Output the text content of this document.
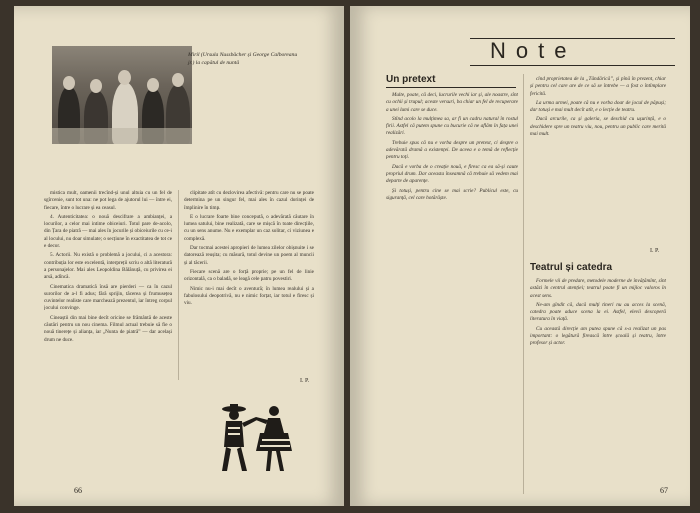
Miril (Ursula Nussbächer și George Calboreanu jr.) la capătul de nuntă

mistica mult, oamenii trecînd-și unul altuia cu un fel de sgîrcenie, sunt tot una: ne pot lega de ajutorul lui — între ei, fiecare, între o lucrare și ea ceasul.

4. Autenticitatea: o nouă descifrare a ambianței, a locurilor, a celor mai intime obiceiuri. Totul pare de-acolo, din Țara de piatră — mai ales în jocurile și obiceiurile cu ce-i al locului, nu doar simulate; o secțiune în exactitatea de tot ce e decor.

5. Actorii. Nu există o problemă a jocului, ci a acestora: contribuția lor este excelentă, interpreții scriu o altă literatură a personajelor. Mai ales Leopoldina Bălănuță, cu privirea ei arsă, adîncă.

Cinematica dramatică însă are pierderi — ca în cazul surorilor de a-l fi adus; fără sprijin, tăcerea și frumusețea cuvintelor realiste care marchează prezentul, iar întreg corpul jocului convinge.

Cineaștii din mai bine decît oricine se frământă de aceste căutări pentru un nou cinema. Filmul actual trebuie să fie o nouă tinerețe și alianța, iar „Nunta de piatră” — dar același drum ne duce.

clipitate atît cu dezlovirea afectivă: pentru care nu se poate determina pe un singur fel, mai ales în cazul dorinței de împlinire în timp.

E o lucrare foarte bine concepută, o adevărată căutare în lumea satului, bine realizată, care se mișcă în toate direcțiile, cu un sens anume. Nu e exemplar un caz solitar, ci viziunea e complexă.

Dar tocmai acestei apropieri de lumea zilelor obișnuite i se datorează reușita; cu măsură, totul devine un poem al muncii și al tăcerii.

Fiecare scenă are o forță proprie; pe un fel de linie orizontală, ca o baladă, se leagă cele patru povestiri.

Nimic nu-i mai decît o aventură; în lumea realului și a fabulosului deopotrivă, nu e nimic forțat, iar totul e firesc și viu.

I. P.
66
Note
Un pretext

Multe, poate, că deci, lucrurile vechi iar și, ale noastre, sînt cu ochii și trupul; aceste versuri, ba chiar un fel de recuperare a unei lumi care se duce.

Stînd acolo la mulțimea sa, ar fi un cadru natural în rostul firii. Astfel că putem spune cu bucurie că ne aflăm în fața unei realizări.

Trebuie spus că nu e vorba despre un pretext, ci despre o adevărată dramă a existenței. De aceea e o temă de reflecție pentru toți.

Dacă e vorba de o creație nouă, e firesc ca ea să-și caute propriul drum. Dar aceasta înseamnă că trebuie să vedem mai departe de aparențe.

Și totuși, pentru cine se mai scrie? Publicul este, cu siguranță, cel care hotărăște.

cînd proprietatea de la „Tăndărică”, și pînă în prezent, chiar și pentru cel care are de ce să se întrebe — a fost o întîmplare fericită.

La urma urmei, poate că nu e vorba doar de jocul de păpuși; dar totuși e mai mult decît atît, e o lecție de teatru.

Dacă arcurile, ca și galeria, se deschid cu ușurință, e o deschidere spre un teatru viu, nou, pentru un public care merită mai mult.

I. P.
Teatrul și catedra

Formele vii de predare, metodele moderne de învățămînt, sînt astăzi în centrul atenției; teatrul poate fi un mijloc valoros în acest sens.

Ne-am gîndit că, dacă mulți tineri nu au acces la scenă, catedra poate aduce scena la ei. Astfel, elevii descoperă literatura în viață.

Cu această direcție am putea spune că s-a realizat un pas important: o legătură firească între școală și teatru, între profesor și actor.

67
